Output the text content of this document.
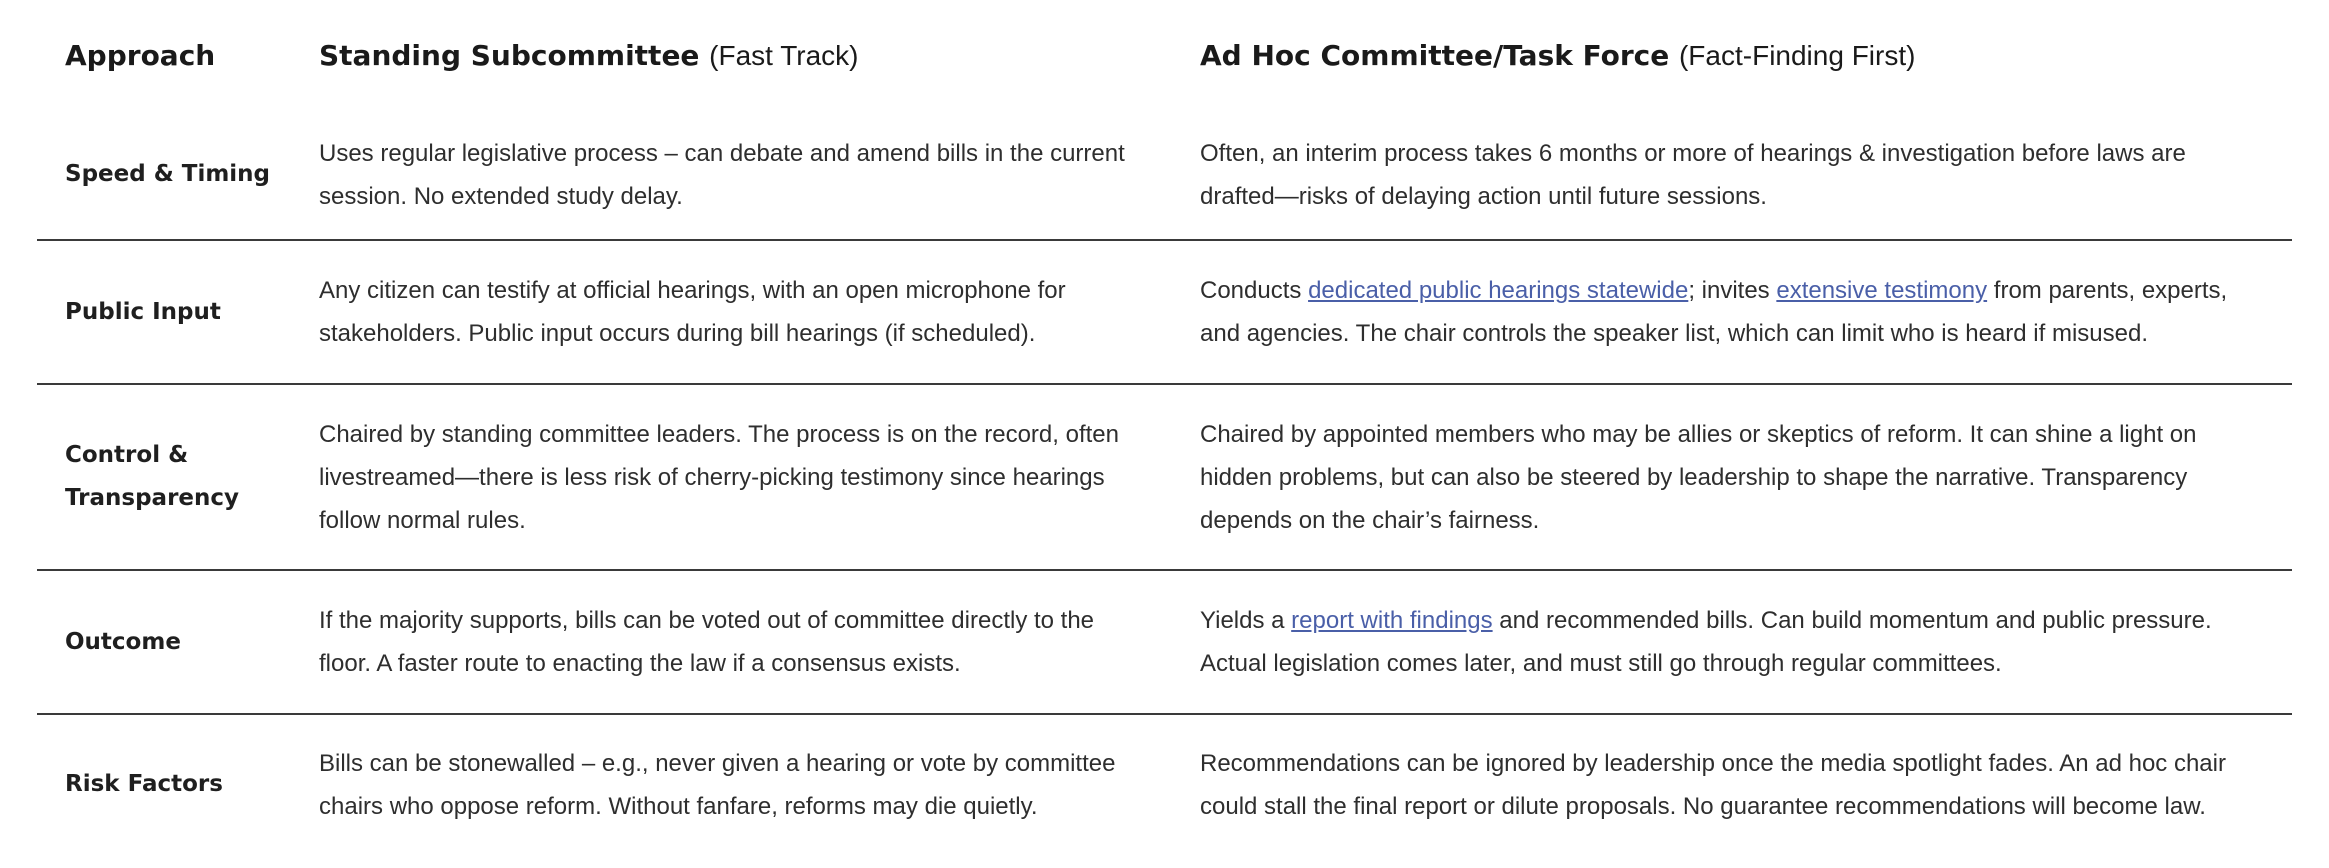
Approach	Standing Subcommittee (Fast Track)	Ad Hoc Committee/Task Force (Fact-Finding First)
Speed & Timing	Uses regular legislative process – can debate and amend bills in the current session. No extended study delay.	Often, an interim process takes 6 months or more of hearings & investigation before laws are drafted—risks of delaying action until future sessions.

Public Input	Any citizen can testify at official hearings, with an open microphone for stakeholders. Public input occurs during bill hearings (if scheduled).	Conducts dedicated public hearings statewide; invites extensive testimony from parents, experts, and agencies. The chair controls the speaker list, which can limit who is heard if misused.

Control &
Transparency	Chaired by standing committee leaders. The process is on the record, often livestreamed—there is less risk of cherry-picking testimony since hearings follow normal rules.	Chaired by appointed members who may be allies or skeptics of reform. It can shine a light on hidden problems, but can also be steered by leadership to shape the narrative. Transparency depends on the chair’s fairness.

Outcome	If the majority supports, bills can be voted out of committee directly to the floor. A faster route to enacting the law if a consensus exists.	Yields a report with findings and recommended bills. Can build momentum and public pressure. Actual legislation comes later, and must still go through regular committees.

Risk Factors	Bills can be stonewalled – e.g., never given a hearing or vote by committee chairs who oppose reform. Without fanfare, reforms may die quietly.	Recommendations can be ignored by leadership once the media spotlight fades. An ad hoc chair could stall the final report or dilute proposals. No guarantee recommendations will become law.
